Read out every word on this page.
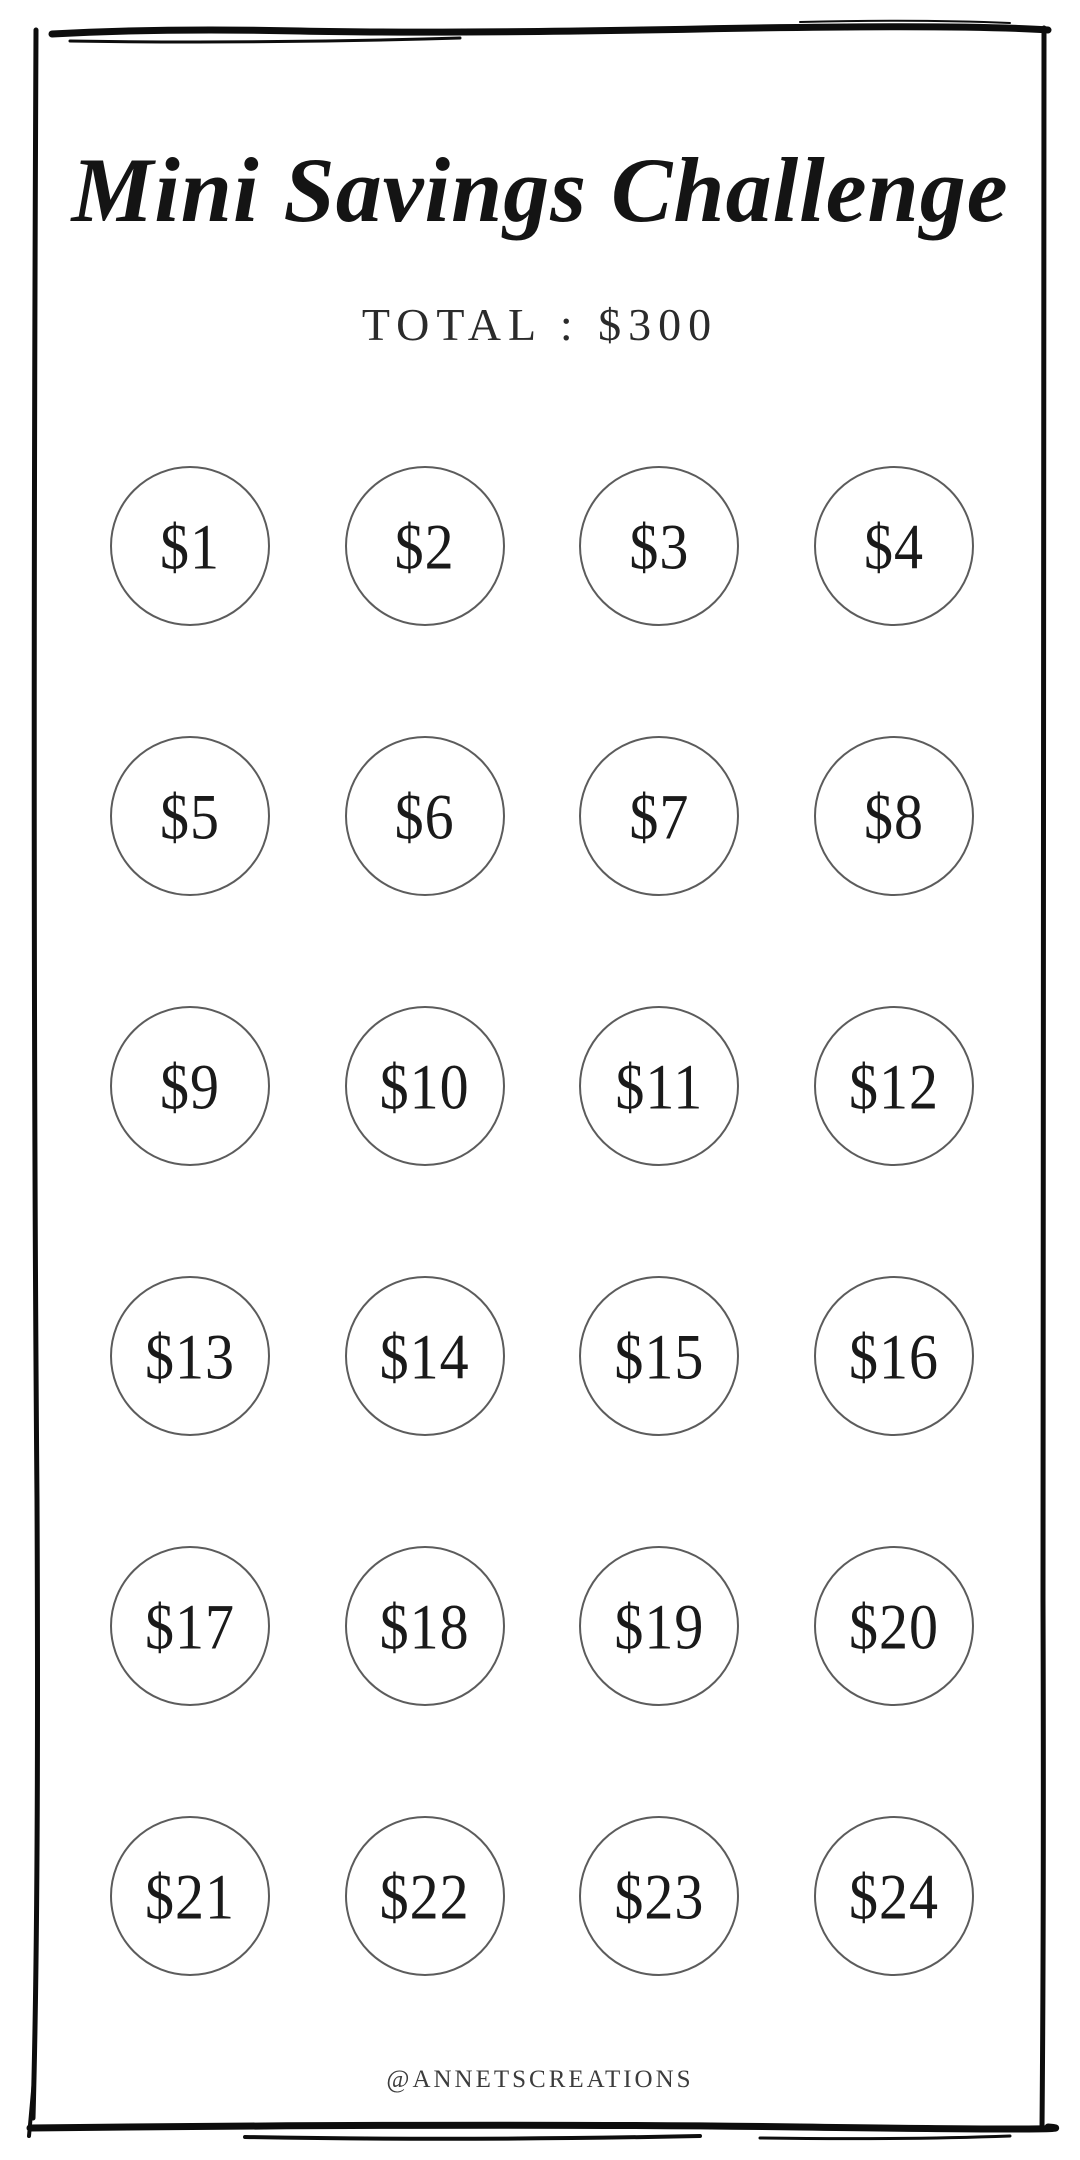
Mini Savings Challenge
TOTAL : $300
$1	$2	$3	$4
$5	$6	$7	$8
$9	$10	$11	$12
$13 $14 $15 $16
$17 $18 $19 $20
$21 $22 $23 $24
@ANNETSCREATIONS
